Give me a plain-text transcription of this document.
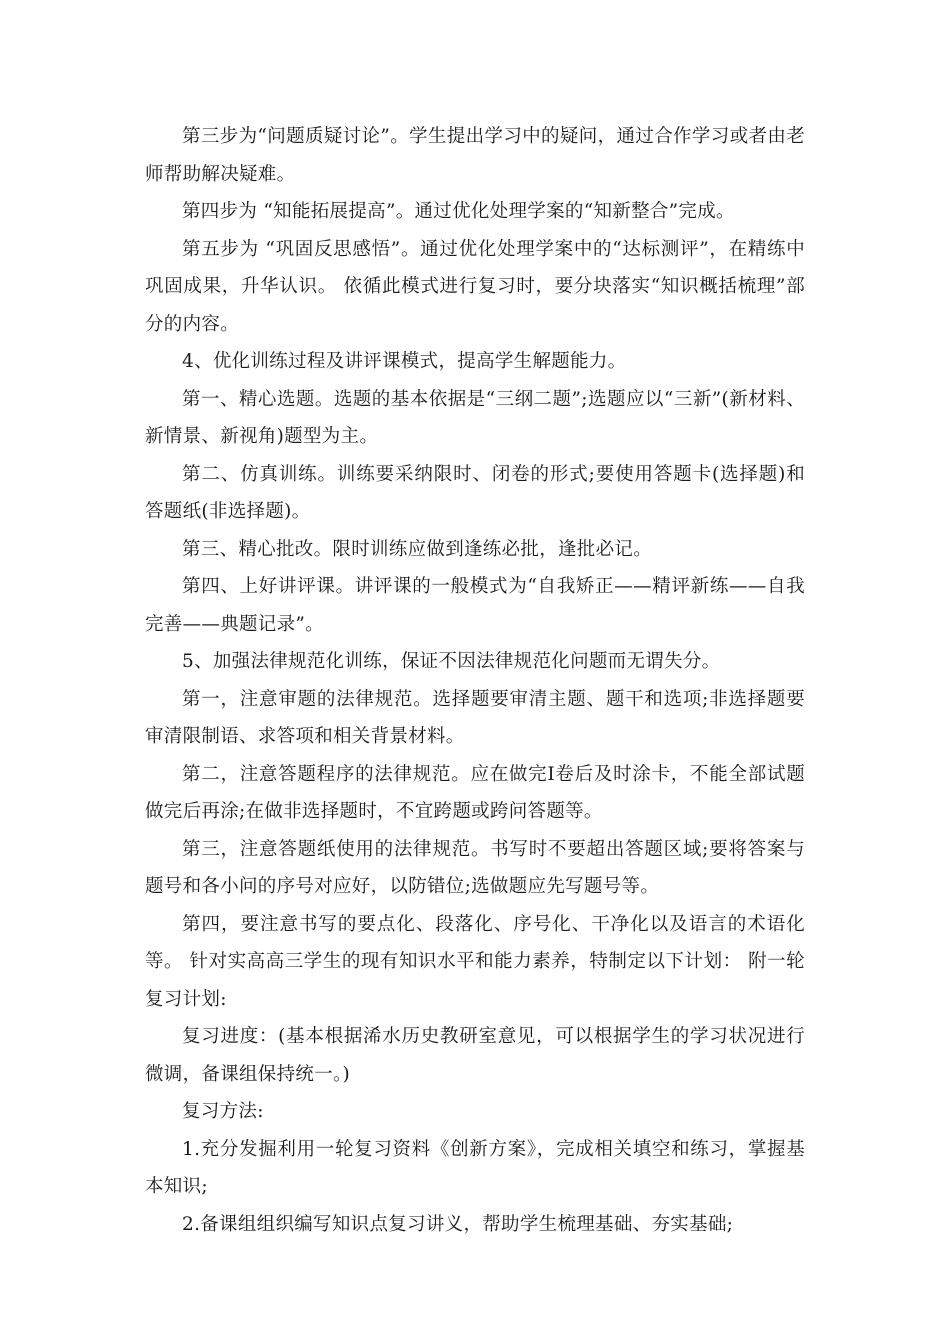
第三步为“问题质疑讨论”。学生提出学习中的疑问，通过合作学习或者由老师帮助解决疑难。

第四步为 “知能拓展提高”。通过优化处理学案的“知新整合”完成。

第五步为 “巩固反思感悟”。通过优化处理学案中的“达标测评”，在精练中巩固成果，升华认识。 依循此模式进行复习时，要分块落实“知识概括梳理”部分的内容。

4、优化训练过程及讲评课模式，提高学生解题能力。

第一、精心选题。选题的基本依据是“三纲二题”;选题应以“三新”(新材料、新情景、新视角)题型为主。

第二、仿真训练。训练要采纳限时、闭卷的形式;要使用答题卡(选择题)和答题纸(非选择题)。

第三、精心批改。限时训练应做到逢练必批，逢批必记。

第四、上好讲评课。讲评课的一般模式为“自我矫正——精评新练——自我完善——典题记录”。

5、加强法律规范化训练，保证不因法律规范化问题而无谓失分。

第一，注意审题的法律规范。选择题要审清主题、题干和选项;非选择题要审清限制语、求答项和相关背景材料。

第二，注意答题程序的法律规范。应在做完Ⅰ卷后及时涂卡，不能全部试题做完后再涂;在做非选择题时，不宜跨题或跨问答题等。

第三，注意答题纸使用的法律规范。书写时不要超出答题区域;要将答案与题号和各小问的序号对应好，以防错位;选做题应先写题号等。

第四，要注意书写的要点化、段落化、序号化、干净化以及语言的术语化等。 针对实高高三学生的现有知识水平和能力素养，特制定以下计划： 附一轮复习计划:

复习进度：(基本根据浠水历史教研室意见，可以根据学生的学习状况进行微调，备课组保持统一。)

复习方法:

1.充分发掘利用一轮复习资料《创新方案》，完成相关填空和练习，掌握基本知识;

2.备课组组织编写知识点复习讲义，帮助学生梳理基础、夯实基础;
